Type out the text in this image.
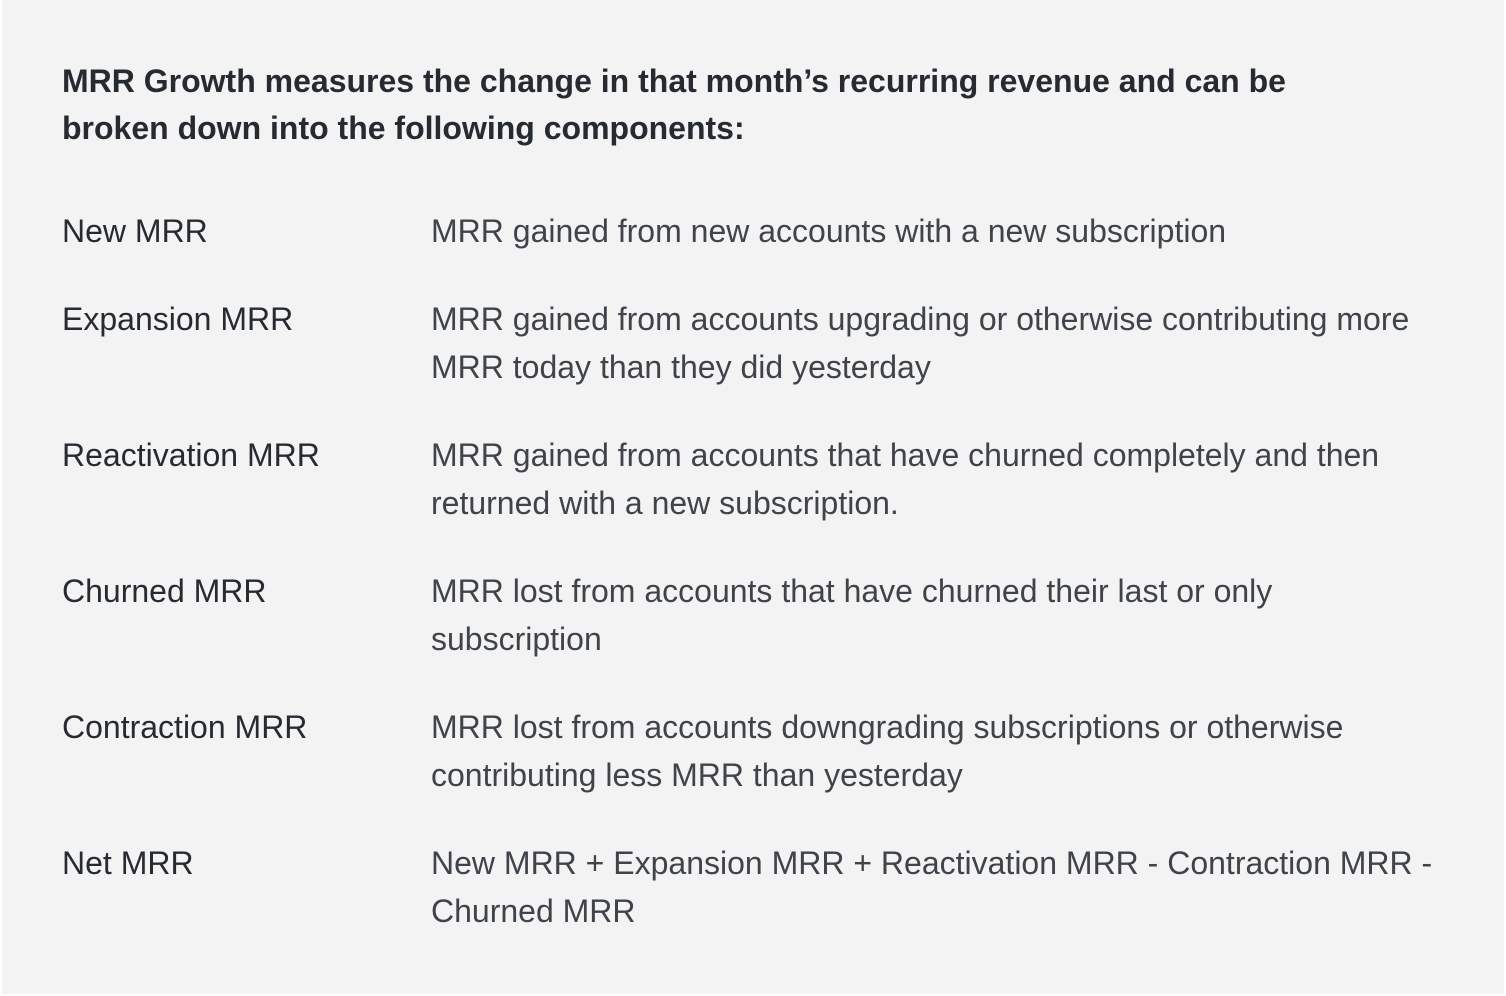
MRR Growth measures the change in that month’s recurring revenue and can be broken down into the following components:

New MRR	MRR gained from new accounts with a new subscription
Expansion MRR	MRR gained from accounts upgrading or otherwise contributing more MRR today than they did yesterday
Reactivation MRR	MRR gained from accounts that have churned completely and then returned with a new subscription.
Churned MRR	MRR lost from accounts that have churned their last or only subscription
Contraction MRR	MRR lost from accounts downgrading subscriptions or otherwise contributing less MRR than yesterday
Net MRR	New MRR + Expansion MRR + Reactivation MRR - Contraction MRR - Churned MRR
